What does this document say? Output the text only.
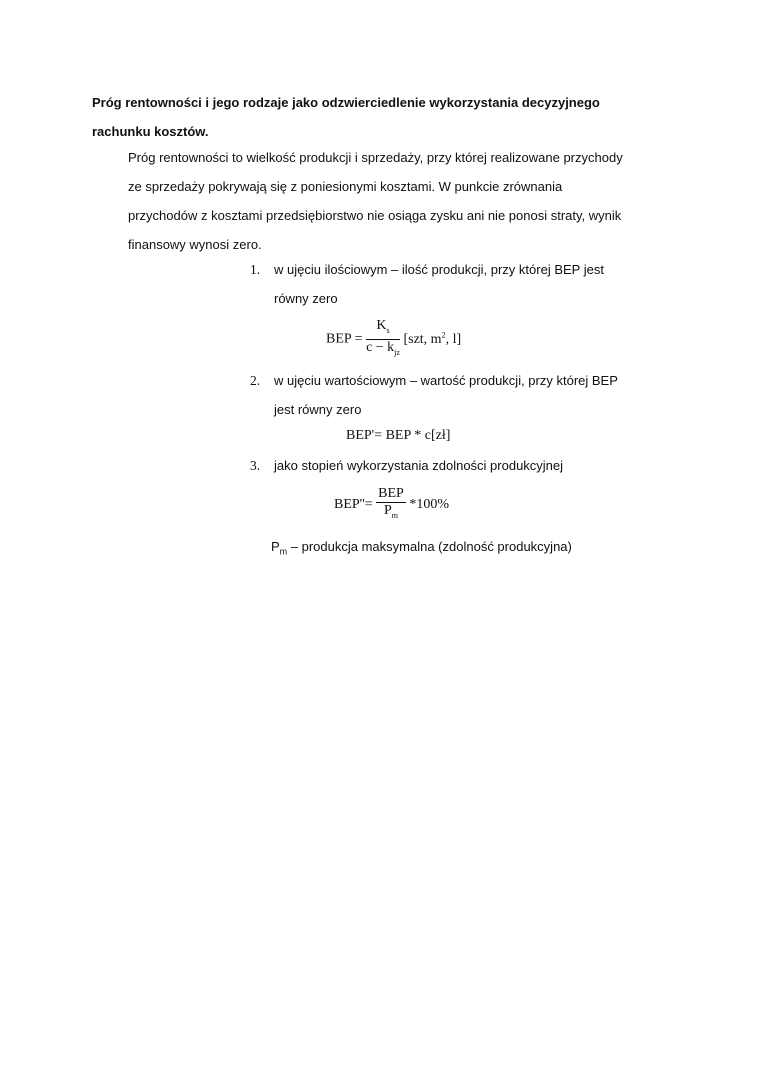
Próg rentowności i jego rodzaje jako odzwierciedlenie wykorzystania decyzyjnego
rachunku kosztów.
Próg rentowności to wielkość produkcji i sprzedaży, przy której realizowane przychody
ze sprzedaży pokrywają się z poniesionymi kosztami. W punkcie zrównania
przychodów z kosztami przedsiębiorstwo nie osiąga zysku ani nie ponosi straty, wynik
finansowy wynosi zero.
1. w ujęciu ilościowym – ilość produkcji, przy której BEP jest
równy zero
BEP = $\frac{K_s}{c - k_{jz}} [szt$, $m^2$, l]
2. w ujęciu wartościowym – wartość produkcji, przy której BEP
jest równy zero
BEP'= BEP * c[zł]
3. jako stopień wykorzystania zdolności produkcyjnej
$BEP''= \frac{\text{BEP}}{P_m} *100\%$
$P_m$ – produkcja maksymalna (zdolność produkcyjna)
